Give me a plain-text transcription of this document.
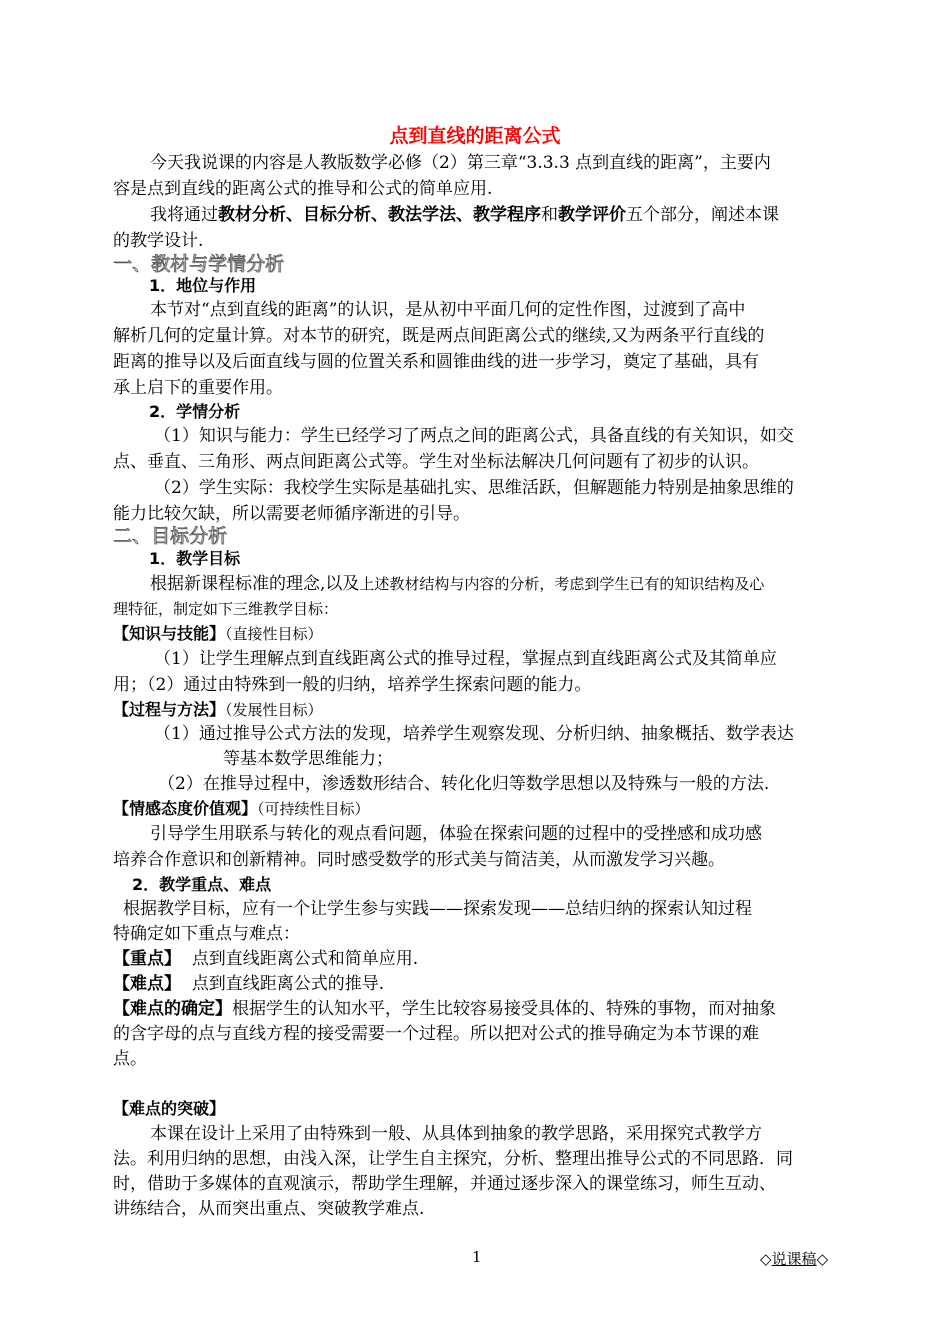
点到直线的距离公式
今天我说课的内容是人教版数学必修（2）第三章“3.3.3 点到直线的距离”，主要内
容是点到直线的距离公式的推导和公式的简单应用.
我将通过教材分析、目标分析、教法学法、教学程序和教学评价五个部分，阐述本课
的教学设计.
一、教材与学情分析
1．地位与作用
本节对“点到直线的距离”的认识，是从初中平面几何的定性作图，过渡到了高中
解析几何的定量计算。对本节的研究，既是两点间距离公式的继续,又为两条平行直线的
距离的推导以及后面直线与圆的位置关系和圆锥曲线的进一步学习，奠定了基础，具有
承上启下的重要作用。
2．学情分析
（1）知识与能力：学生已经学习了两点之间的距离公式，具备直线的有关知识，如交
点、垂直、三角形、两点间距离公式等。学生对坐标法解决几何问题有了初步的认识。
（2）学生实际：我校学生实际是基础扎实、思维活跃，但解题能力特别是抽象思维的
能力比较欠缺，所以需要老师循序渐进的引导。
二、目标分析
1．教学目标
根据新课程标准的理念,以及上述教材结构与内容的分析，考虑到学生已有的知识结构及心
理特征，制定如下三维教学目标：
【知识与技能】（直接性目标）
（1）让学生理解点到直线距离公式的推导过程，掌握点到直线距离公式及其简单应
用；（2）通过由特殊到一般的归纳，培养学生探索问题的能力。
【过程与方法】（发展性目标）
（1）通过推导公式方法的发现，培养学生观察发现、分析归纳、抽象概括、数学表达
等基本数学思维能力；
（2）在推导过程中，渗透数形结合、转化化归等数学思想以及特殊与一般的方法.
【情感态度价值观】（可持续性目标）
引导学生用联系与转化的观点看问题，体验在探索问题的过程中的受挫感和成功感
培养合作意识和创新精神。同时感受数学的形式美与简洁美，从而激发学习兴趣。
2．教学重点、难点
根据教学目标，应有一个让学生参与实践——探索发现——总结归纳的探索认知过程
特确定如下重点与难点：
【重点】 点到直线距离公式和简单应用.
【难点】 点到直线距离公式的推导.
【难点的确定】根据学生的认知水平，学生比较容易接受具体的、特殊的事物，而对抽象
的含字母的点与直线方程的接受需要一个过程。所以把对公式的推导确定为本节课的难
点。
【难点的突破】
本课在设计上采用了由特殊到一般、从具体到抽象的教学思路，采用探究式教学方
法。利用归纳的思想，由浅入深，让学生自主探究，分析、整理出推导公式的不同思路．同
时，借助于多媒体的直观演示，帮助学生理解，并通过逐步深入的课堂练习，师生互动、
讲练结合，从而突出重点、突破教学难点.
1	◇说课稿◇
